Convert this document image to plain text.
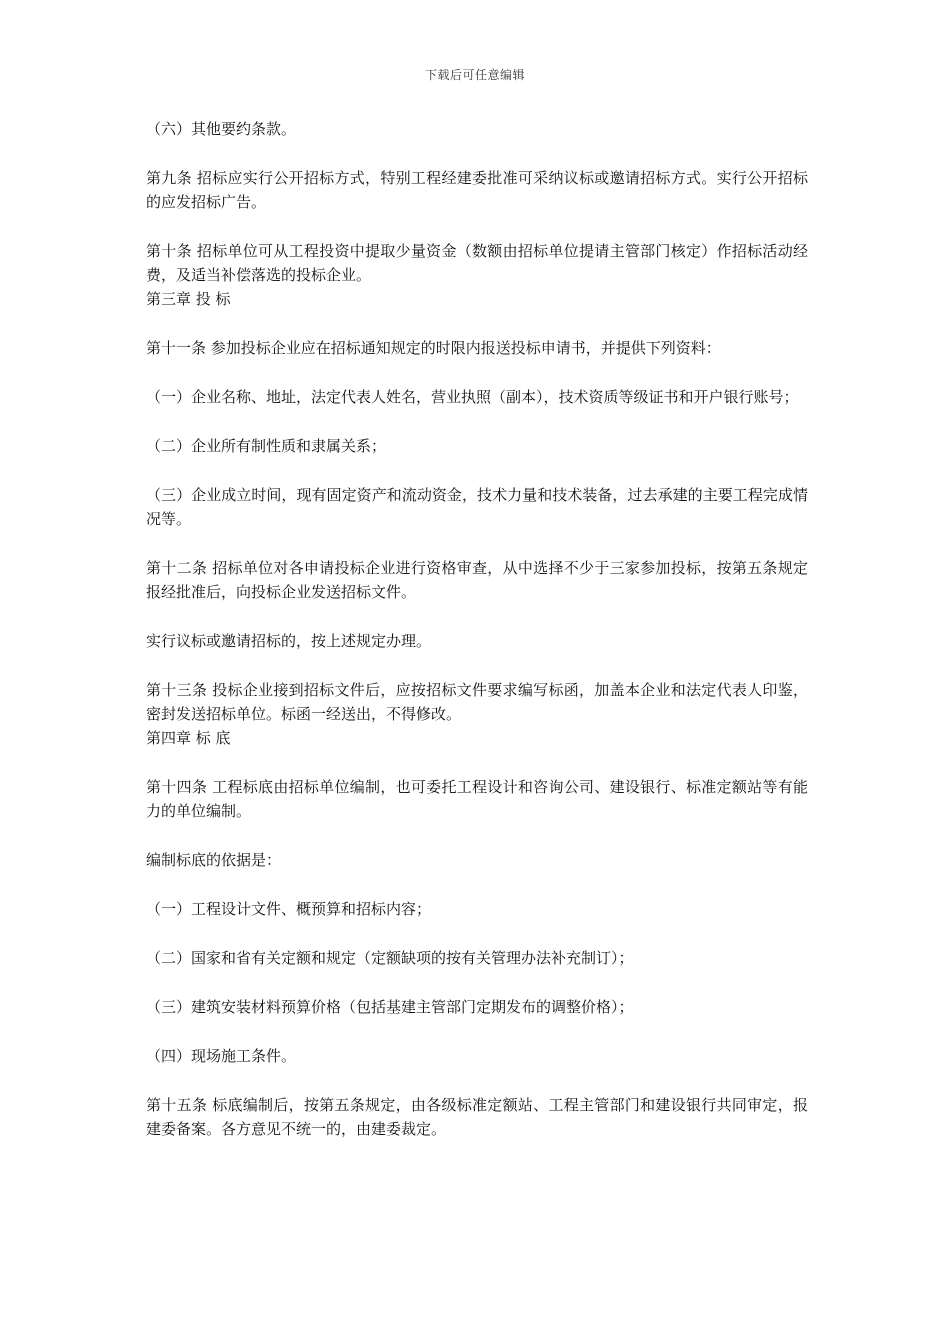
下载后可任意编辑

（六）其他要约条款。

第九条 招标应实行公开招标方式，特别工程经建委批准可采纳议标或邀请招标方式。实行公开招标的应发招标广告。

第十条 招标单位可从工程投资中提取少量资金（数额由招标单位提请主管部门核定）作招标活动经费，及适当补偿落选的投标企业。

第三章 投 标

第十一条 参加投标企业应在招标通知规定的时限内报送投标申请书，并提供下列资料：

（一）企业名称、地址，法定代表人姓名，营业执照（副本），技术资质等级证书和开户银行账号；

（二）企业所有制性质和隶属关系；

（三）企业成立时间，现有固定资产和流动资金，技术力量和技术装备，过去承建的主要工程完成情况等。

第十二条 招标单位对各申请投标企业进行资格审查，从中选择不少于三家参加投标，按第五条规定报经批准后，向投标企业发送招标文件。

实行议标或邀请招标的，按上述规定办理。

第十三条 投标企业接到招标文件后，应按招标文件要求编写标函，加盖本企业和法定代表人印鉴，密封发送招标单位。标函一经送出，不得修改。

第四章 标 底

第十四条 工程标底由招标单位编制，也可委托工程设计和咨询公司、建设银行、标准定额站等有能力的单位编制。

编制标底的依据是：

（一）工程设计文件、概预算和招标内容；

（二）国家和省有关定额和规定（定额缺项的按有关管理办法补充制订）；

（三）建筑安装材料预算价格（包括基建主管部门定期发布的调整价格）；

（四）现场施工条件。

第十五条 标底编制后，按第五条规定，由各级标准定额站、工程主管部门和建设银行共同审定，报建委备案。各方意见不统一的，由建委裁定。
